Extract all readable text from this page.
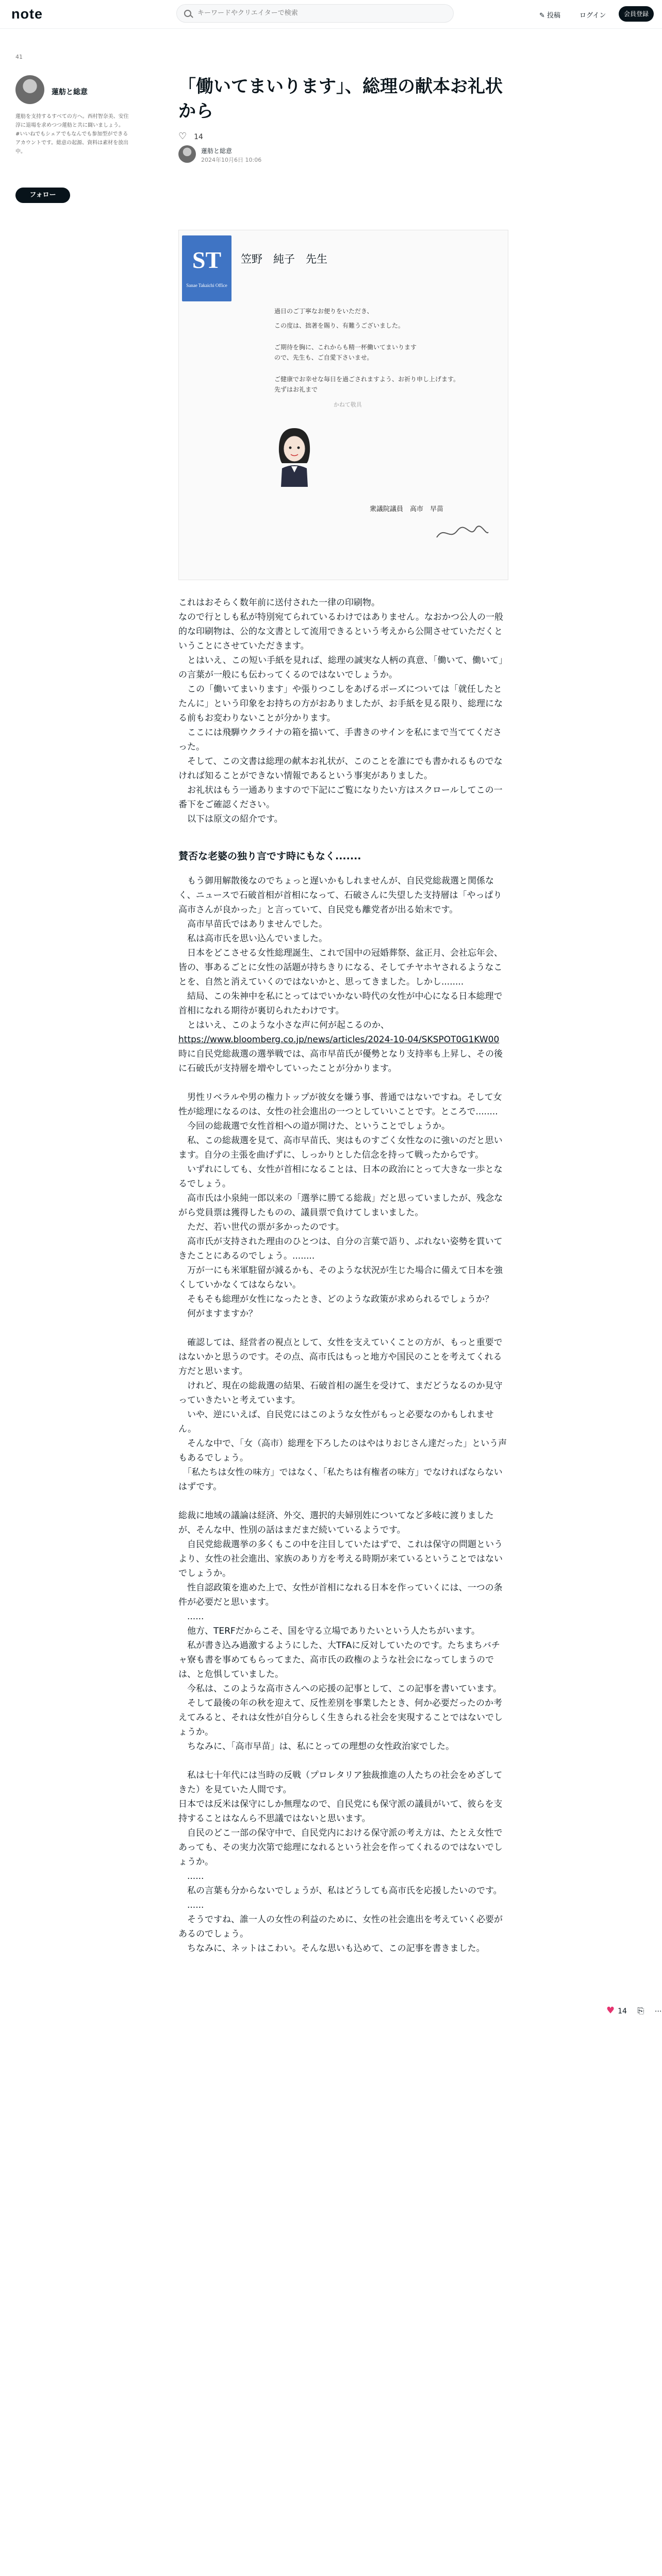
note
キーワードやクリエイターで検索	✎ 投稿	ログイン	会員登録
41
蓮舫と総意
蓮舫を支持するすべての方へ。西村智奈美、安住淳に退場を求めつつ蓮舫と共に闘いましょう。 #いいねでもシェアでもなんでも参加型ができるアカウントです。総意の起源、資料は素材を放出中。
フォロー
「働いてまいります」、総理の献本お礼状から
♡ 14
蓮舫と総意
2024年10月6日 10:06
ST
Sanae Takaichi Office
笠野　純子　先生
過日のご丁寧なお便りをいただき、
この度は、拙著を賜り、有難うございました。
ご期待を胸に、これからも精一杯働いてまいります
ので、先生も、ご自愛下さいませ。
ご健康でお幸せな毎日を過ごされますよう、お祈り申し上げます。
先ずはお礼まで
かねて敬具
衆議院議員　高市　早苗

これはおそらく数年前に送付された一律の印刷物。

なので行としも私が特別宛てられているわけではありません。なおかつ公人の一般的な印刷物は、公的な文書として流用できるという考えから公開させていただくということにさせていただきます。

　とはいえ、この短い手紙を見れば、総理の誠実な人柄の真意、「働いて、働いて」の言葉が一般にも伝わってくるのではないでしょうか。

　この「働いてまいります」や張りつこしをあげるポーズについては「就任したとたんに」という印象をお持ちの方がおありましたが、お手紙を見る限り、総理になる前もお変わりないことが分かります。

　ここには飛騨ウクライナの箱を描いて、手書きのサインを私にまで当ててくださった。

　そして、この文書は総理の献本お礼状が、このことを誰にでも書かれるものでなければ知ることができない情報であるという事実がありました。

　お礼状はもう一通ありますので下記にご覧になりたい方はスクロールしてこの一番下をご確認ください。

　以下は原文の紹介です。

賛否な老婆の独り言です時にもなく.......

　もう御用解散後なのでちょっと遅いかもしれませんが、自民党総裁選と関係なく、ニュースで石破首相が首相になって、石破さんに失望した支持層は「やっぱり高市さんが良かった」と言っていて、自民党も離党者が出る始末です。

　高市早苗氏ではありませんでした。

　私は高市氏を思い込んでいました。

　日本をどこさせる女性総理誕生、これで国中の冠婚葬祭、盆正月、会社忘年会、皆の、事あるごとに女性の話題が持ちきりになる、そしてチヤホヤされるようなことを、自然と消えていくのではないかと、思ってきました。しかし........

　結局、この朱神中を私にとってはでいかない時代の女性が中心になる日本総理で首相になれる期待が裏切られたわけです。

　とはいえ、このような小さな声に何が起こるのか、

https://www.bloomberg.co.jp/news/articles/2024-10-04/SKSPOT0G1KW00

時に自民党総裁選の選挙戦では、高市早苗氏が優勢となり支持率も上昇し、その後に石破氏が支持層を増やしていったことが分かります。

　男性リベラルや男の権力トップが彼女を嫌う事、普通ではないですね。そして女性が総理になるのは、女性の社会進出の一つとしていいことです。ところで........

　今回の総裁選で女性首相への道が開けた、ということでしょうか。

　私、この総裁選を見て、高市早苗氏、実はものすごく女性なのに強いのだと思います。自分の主張を曲げずに、しっかりとした信念を持って戦ったからです。

　いずれにしても、女性が首相になることは、日本の政治にとって大きな一歩となるでしょう。

　高市氏は小泉純一郎以来の「選挙に勝てる総裁」だと思っていましたが、残念ながら党員票は獲得したものの、議員票で負けてしまいました。

　ただ、若い世代の票が多かったのです。

　高市氏が支持された理由のひとつは、自分の言葉で語り、ぶれない姿勢を貫いてきたことにあるのでしょう。........

　万が一にも米軍駐留が減るかも、そのような状況が生じた場合に備えて日本を強くしていかなくてはならない。

　そもそも総理が女性になったとき、どのような政策が求められるでしょうか？

　何がますますか？

　確認しては、経営者の視点として、女性を支えていくことの方が、もっと重要ではないかと思うのです。その点、高市氏はもっと地方や国民のことを考えてくれる方だと思います。

　けれど、現在の総裁選の結果、石破首相の誕生を受けて、まだどうなるのか見守っていきたいと考えています。

　いや、逆にいえば、自民党にはこのような女性がもっと必要なのかもしれません。

　そんな中で、「女（高市）総理を下ろしたのはやはりおじさん達だった」という声もあるでしょう。

　「私たちは女性の味方」ではなく、「私たちは有権者の味方」でなければならないはずです。

総裁に地域の議論は経済、外交、選択的夫婦別姓についてなど多岐に渡りましたが、そんな中、性別の話はまだまだ続いているようです。

　自民党総裁選挙の多くもこの中を注目していたはずで、これは保守の問題というより、女性の社会進出、家族のあり方を考える時期が来ているということではないでしょうか。

　性自認政策を進めた上で、女性が首相になれる日本を作っていくには、一つの条件が必要だと思います。

　......

　他方、TERFだからこそ、国を守る立場でありたいという人たちがいます。

　私が書き込み過激するようにした、大TFAに反対していたのです。たちまちバチャ寮も書を事めてもらってまた、高市氏の政権のような社会になってしまうのでは、と危惧していました。

　今私は、このような高市さんへの応援の記事として、この記事を書いています。

　そして最後の年の秋を迎えて、反性差別を事業したとき、何か必要だったのか考えてみると、それは女性が自分らしく生きられる社会を実現することではないでしょうか。

　ちなみに、「高市早苗」は、私にとっての理想の女性政治家でした。

　私は七十年代には当時の反戦（プロレタリア独裁推進の人たちの社会をめざしてきた）を見ていた人間です。

日本では反米は保守にしか無理なので、自民党にも保守派の議員がいて、彼らを支持することはなんら不思議ではないと思います。

　自民のどこ一部の保守中で、自民党内における保守派の考え方は、たとえ女性であっても、その実力次第で総理になれるという社会を作ってくれるのではないでしょうか。

　......

　私の言葉も分からないでしょうが、私はどうしても高市氏を応援したいのです。

　......

　そうですね、誰一人の女性の利益のために、女性の社会進出を考えていく必要があるのでしょう。

　ちなみに、ネットはこわい。そんな思いも込めて、この記事を書きました。

♥ 14 ⎘ ⋯
